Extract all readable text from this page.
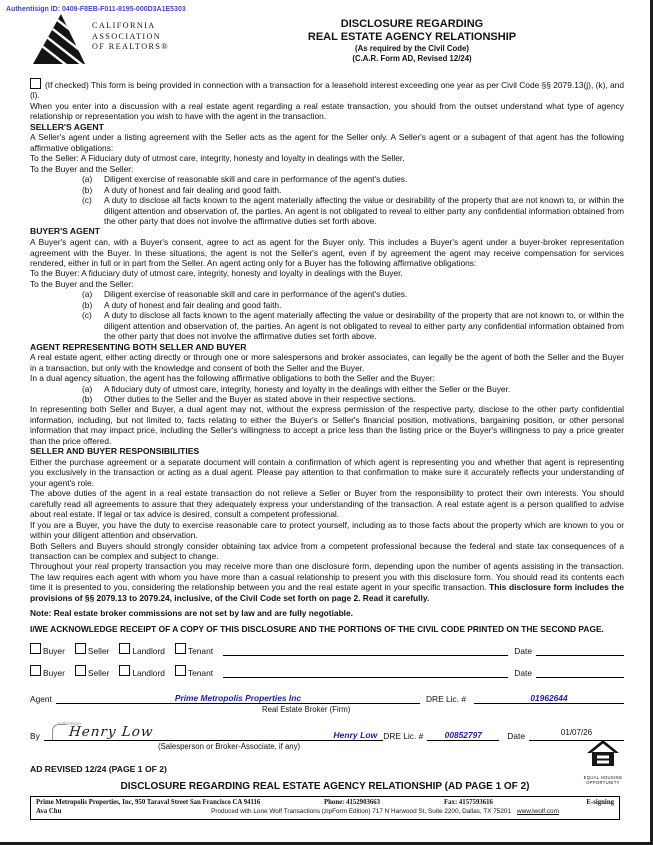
Authentisign ID: 0409-F8EB-F011-8195-000D3A1E5303
CALIFORNIA
ASSOCIATION
OF REALTORS®
DISCLOSURE REGARDING
REAL ESTATE AGENCY RELATIONSHIP
(As required by the Civil Code)
(C.A.R. Form AD, Revised 12/24)

(If checked) This form is being provided in connection with a transaction for a leasehold interest exceeding one year as per Civil Code §§ 2079.13(j), (k), and (l).

When you enter into a discussion with a real estate agent regarding a real estate transaction, you should from the outset understand what type of agency relationship or representation you wish to have with the agent in the transaction.

SELLER'S AGENT

A Seller's agent under a listing agreement with the Seller acts as the agent for the Seller only. A Seller's agent or a subagent of that agent has the following affirmative obligations:

To the Seller: A Fiduciary duty of utmost care, integrity, honesty and loyalty in dealings with the Seller.

To the Buyer and the Seller:

(a)	Diligent exercise of reasonable skill and care in performance of the agent's duties.
(b)	A duty of honest and fair dealing and good faith.
(c)	A duty to disclose all facts known to the agent materially affecting the value or desirability of the property that are not known to, or within the diligent attention and observation of, the parties. An agent is not obligated to reveal to either party any confidential information obtained from the other party that does not involve the affirmative duties set forth above.
BUYER'S AGENT

A Buyer's agent can, with a Buyer's consent, agree to act as agent for the Buyer only. This includes a Buyer's agent under a buyer-broker representation agreement with the Buyer. In these situations, the agent is not the Seller's agent, even if by agreement the agent may receive compensation for services rendered, either in full or in part from the Seller. An agent acting only for a Buyer has the following affirmative obligations:

To the Buyer: A fiduciary duty of utmost care, integrity, honesty and loyalty in dealings with the Buyer.

To the Buyer and the Seller:

(a)	Diligent exercise of reasonable skill and care in performance of the agent's duties.
(b)	A duty of honest and fair dealing and good faith.
(c)	A duty to disclose all facts known to the agent materially affecting the value or desirability of the property that are not known to, or within the diligent attention and observation of, the parties. An agent is not obligated to reveal to either party any confidential information obtained from the other party that does not involve the affirmative duties set forth above.
AGENT REPRESENTING BOTH SELLER AND BUYER

A real estate agent, either acting directly or through one or more salespersons and broker associates, can legally be the agent of both the Seller and the Buyer in a transaction, but only with the knowledge and consent of both the Seller and the Buyer.

In a dual agency situation, the agent has the following affirmative obligations to both the Seller and the Buyer:

(a)	A fiduciary duty of utmost care, integrity, honesty and loyalty in the dealings with either the Seller or the Buyer.
(b)	Other duties to the Seller and the Buyer as stated above in their respective sections.

In representing both Seller and Buyer, a dual agent may not, without the express permission of the respective party, disclose to the other party confidential information, including, but not limited to, facts relating to either the Buyer's or Seller's financial position, motivations, bargaining position, or other personal information that may impact price, including the Seller's willingness to accept a price less than the listing price or the Buyer's willingness to pay a price greater than the price offered.

SELLER AND BUYER RESPONSIBILITIES

Either the purchase agreement or a separate document will contain a confirmation of which agent is representing you and whether that agent is representing you exclusively in the transaction or acting as a dual agent. Please pay attention to that confirmation to make sure it accurately reflects your understanding of your agent's role.

The above duties of the agent in a real estate transaction do not relieve a Seller or Buyer from the responsibility to protect their own interests. You should carefully read all agreements to assure that they adequately express your understanding of the transaction. A real estate agent is a person qualified to advise about real estate. If legal or tax advice is desired, consult a competent professional.

If you are a Buyer, you have the duty to exercise reasonable care to protect yourself, including as to those facts about the property which are known to you or within your diligent attention and observation.

Both Sellers and Buyers should strongly consider obtaining tax advice from a competent professional because the federal and state tax consequences of a transaction can be complex and subject to change.

Throughout your real property transaction you may receive more than one disclosure form, depending upon the number of agents assisting in the transaction. The law requires each agent with whom you have more than a casual relationship to present you with this disclosure form. You should read its contents each time it is presented to you, considering the relationship between you and the real estate agent in your specific transaction. This disclosure form includes the provisions of §§ 2079.13 to 2079.24, inclusive, of the Civil Code set forth on page 2. Read it carefully.

Note: Real estate broker commissions are not set by law and are fully negotiable.

I/WE ACKNOWLEDGE RECEIPT OF A COPY OF THIS DISCLOSURE AND THE PORTIONS OF THE CIVIL CODE PRINTED ON THE SECOND PAGE.

Buyer	Seller	Landlord	Tenant	Date
Buyer	Seller	Landlord	Tenant	Date
Agent	Prime Metropolis Properties Inc	DRE Lic. #	01962644
Real Estate Broker (Firm)
By
Authentisign
Henry Low	Henry Low DRE Lic. #	00852797	Date	01/07/26
(Salesperson or Broker-Associate, if any)
AD REVISED 12/24 (PAGE 1 OF 2)
EQUAL HOUSING
OPPORTUNITY
DISCLOSURE REGARDING REAL ESTATE AGENCY RELATIONSHIP (AD PAGE 1 OF 2)
Prime Metropolis Properties, Inc, 950 Taraval Street San Francisco CA 94116	Phone: 4152903663	Fax: 4157593616	E-signing
Ava Chu	Produced with Lone Wolf Transactions (zipForm Edition) 717 N Harwood St, Suite 2200, Dallas, TX 75201 www.lwolf.com
